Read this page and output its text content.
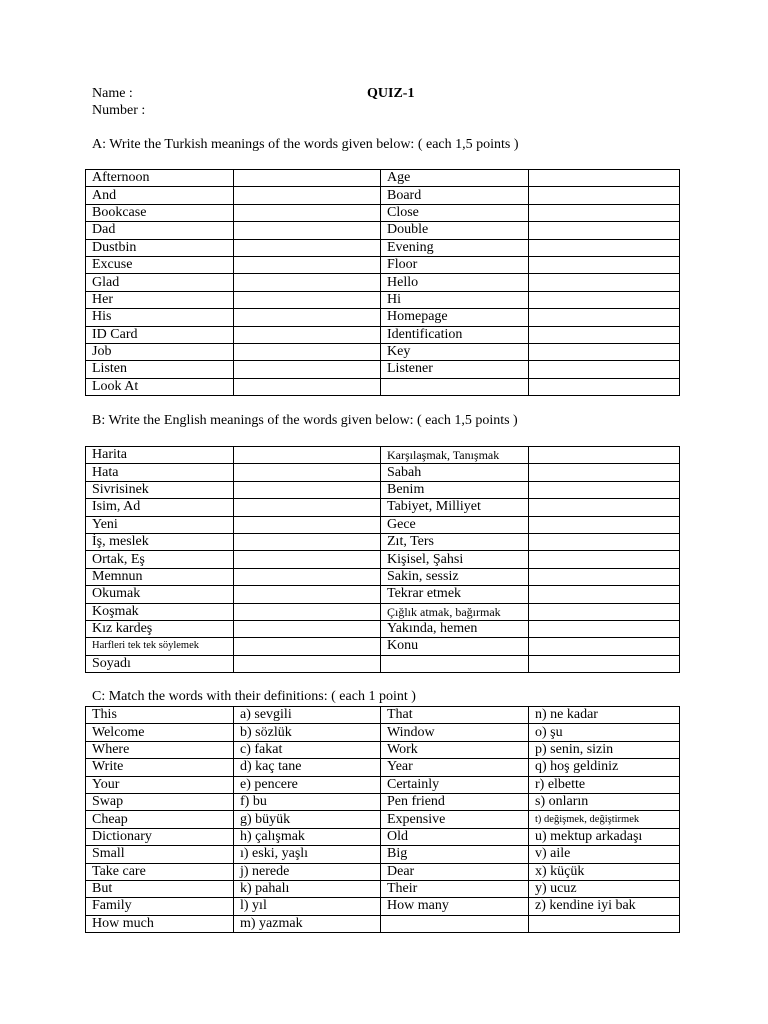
Name :	QUIZ-1
Number :
A: Write the Turkish meanings of the words given below: ( each 1,5 points )
Afternoon		Age	
And		Board	
Bookcase		Close	
Dad		Double	
Dustbin		Evening	
Excuse		Floor	
Glad		Hello	
Her		Hi	
His		Homepage	
ID Card		Identification	
Job		Key	
Listen		Listener	
Look At			
B: Write the English meanings of the words given below: ( each 1,5 points )
Harita		Karşılaşmak, Tanışmak	
Hata		Sabah	
Sivrisinek		Benim	
Isim, Ad		Tabiyet, Milliyet	
Yeni		Gece	
İş, meslek		Zıt, Ters	
Ortak, Eş		Kişisel, Şahsi	
Memnun		Sakin, sessiz	
Okumak		Tekrar etmek	
Koşmak		Çığlık atmak, bağırmak	
Kız kardeş		Yakında, hemen	
Harfleri tek tek söylemek		Konu	
Soyadı			
C: Match the words with their definitions: ( each 1 point )
This	a) sevgili	That	n) ne kadar
Welcome	b) sözlük	Window	o) şu
Where	c) fakat	Work	p) senin, sizin
Write	d) kaç tane	Year	q) hoş geldiniz
Your	e) pencere	Certainly	r) elbette
Swap	f) bu	Pen friend	s) onların
Cheap	g) büyük	Expensive	t) değişmek, değiştirmek
Dictionary	h) çalışmak	Old	u) mektup arkadaşı
Small	ı) eski, yaşlı	Big	v) aile
Take care	j) nerede	Dear	x) küçük
But	k) pahalı	Their	y) ucuz
Family	l) yıl	How many	z) kendine iyi bak
How much	m) yazmak		
